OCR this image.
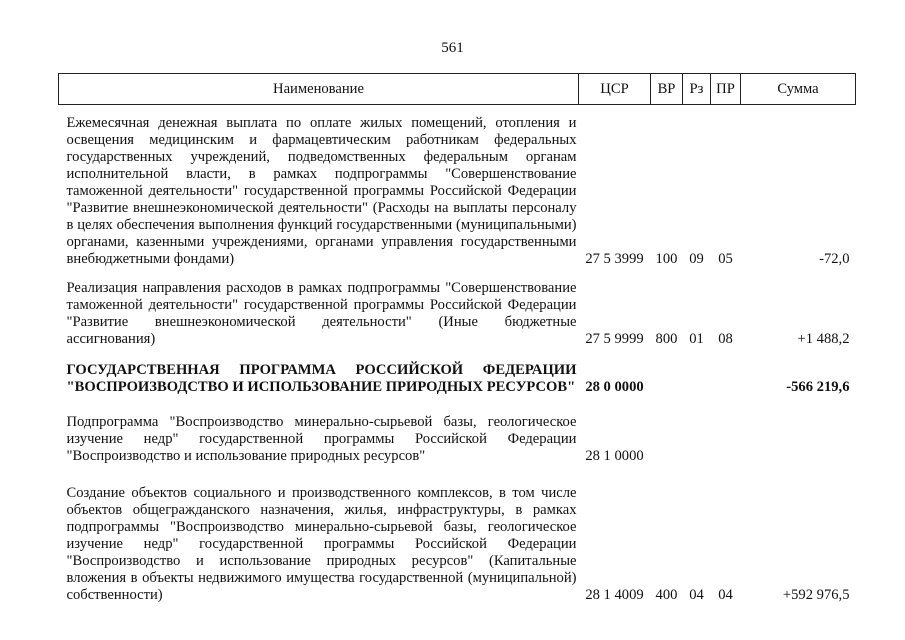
561
Наименование	ЦСР	ВР	Рз	ПР	Сумма
Ежемесячная денежная выплата по оплате жилых помещений, отопления и освещения медицинским и фармацевтическим работникам федеральных государственных учреждений, подведомственных федеральным органам исполнительной власти, в рамках подпрограммы "Совершенствование таможенной деятельности" государственной программы Российской Федерации "Развитие внешнеэкономической деятельности" (Расходы на выплаты персоналу в целях обеспечения выполнения функций государственными (муниципальными) органами, казенными учреждениями, органами управления государственными внебюджетными фондами)	27 5 3999	100	09	05	-72,0
Реализация направления расходов в рамках подпрограммы "Совершенствование таможенной деятельности" государственной программы Российской Федерации "Развитие внешнеэкономической деятельности" (Иные бюджетные ассигнования)	27 5 9999	800	01	08	+1 488,2
ГОСУДАРСТВЕННАЯ ПРОГРАММА РОССИЙСКОЙ ФЕДЕРАЦИИ "ВОСПРОИЗВОДСТВО И ИСПОЛЬЗОВАНИЕ ПРИРОДНЫХ РЕСУРСОВ"	28 0 0000				-566 219,6
Подпрограмма "Воспроизводство минерально-сырьевой базы, геологическое изучение недр" государственной программы Российской Федерации "Воспроизводство и использование природных ресурсов"	28 1 0000				
Создание объектов социального и производственного комплексов, в том числе объектов общегражданского назначения, жилья, инфраструктуры, в рамках подпрограммы "Воспроизводство минерально-сырьевой базы, геологическое изучение недр" государственной программы Российской Федерации "Воспроизводство и использование природных ресурсов" (Капитальные вложения в объекты недвижимого имущества государственной (муниципальной) собственности)	28 1 4009	400	04	04	+592 976,5
